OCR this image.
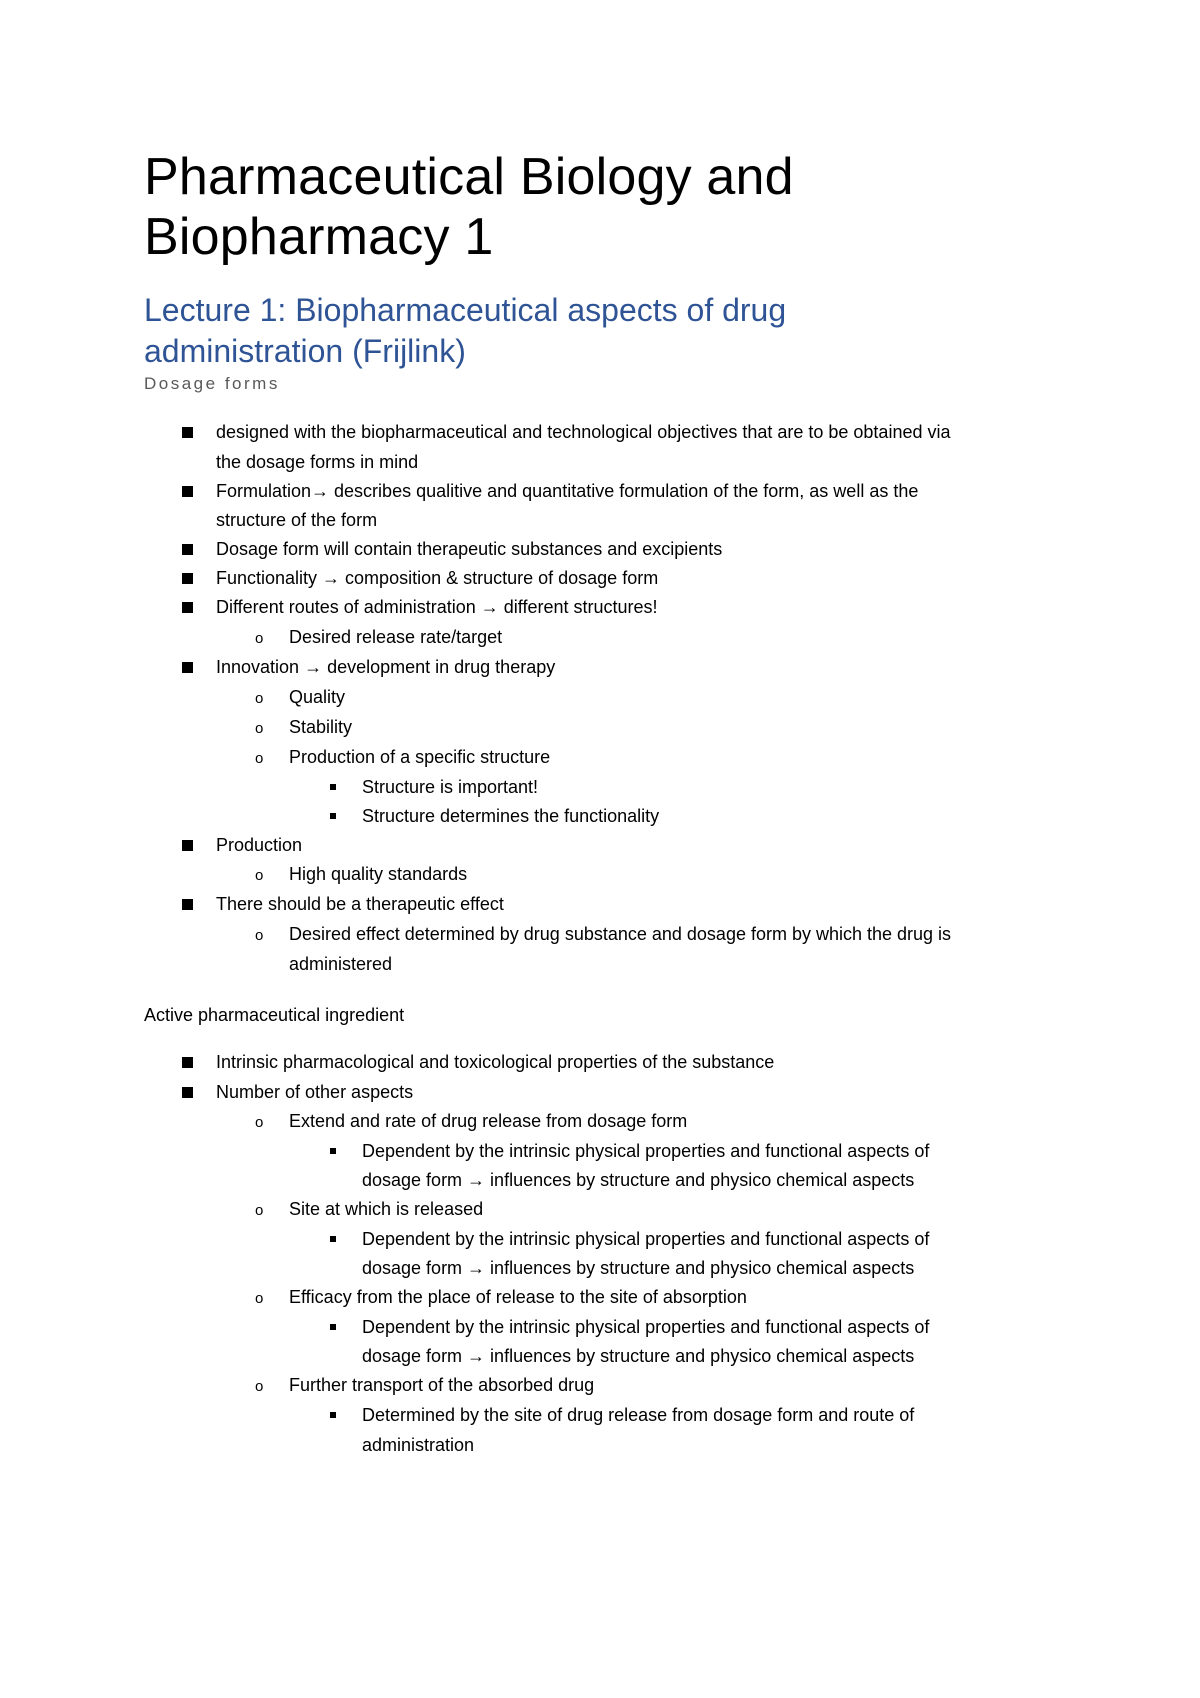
Pharmaceutical Biology and
Biopharmacy 1
Lecture 1: Biopharmaceutical aspects of drug
administration (Frijlink)
Dosage forms
designed with the biopharmaceutical and technological objectives that are to be obtained via
the dosage forms in mind
Formulation→ describes qualitive and quantitative formulation of the form, as well as the
structure of the form
Dosage form will contain therapeutic substances and excipients
Functionality → composition & structure of dosage form
Different routes of administration → different structures!
o Desired release rate/target
Innovation → development in drug therapy
o Quality
o Stability
o Production of a specific structure
Structure is important!
Structure determines the functionality
Production
o High quality standards
There should be a therapeutic effect
o Desired effect determined by drug substance and dosage form by which the drug is
administered
Active pharmaceutical ingredient
Intrinsic pharmacological and toxicological properties of the substance
Number of other aspects
o Extend and rate of drug release from dosage form
Dependent by the intrinsic physical properties and functional aspects of
dosage form → influences by structure and physico chemical aspects
o Site at which is released
Dependent by the intrinsic physical properties and functional aspects of
dosage form → influences by structure and physico chemical aspects
o Efficacy from the place of release to the site of absorption
Dependent by the intrinsic physical properties and functional aspects of
dosage form → influences by structure and physico chemical aspects
o Further transport of the absorbed drug
Determined by the site of drug release from dosage form and route of
administration
